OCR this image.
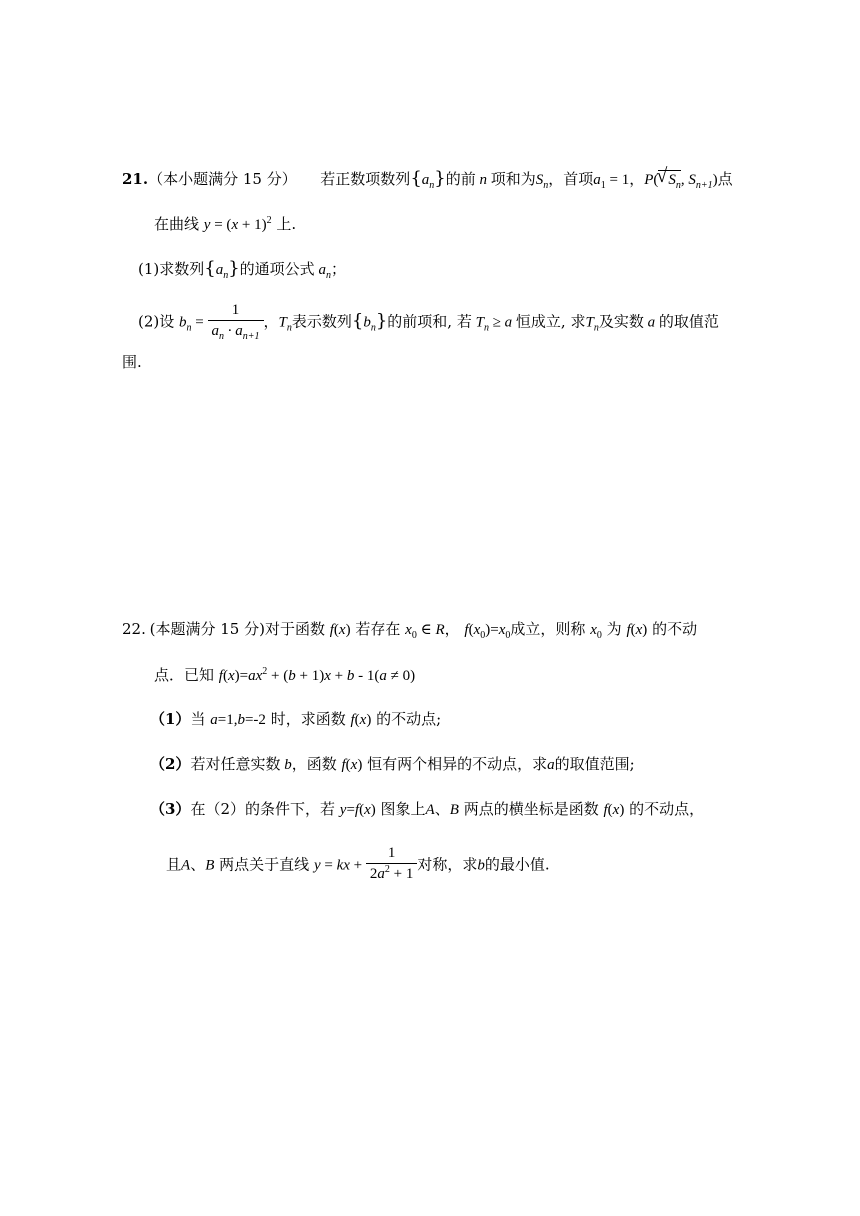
21.（本小题满分 15 分） 若正数项数列$\{a_n\}$的前 n 项和为$S_n$，首项$a_1 = 1$，P(√ $S_n$, $S_{n+1}$)点
在曲线 $y = (x + 1)^2$ 上.
(1)求数列$\{a_n\}$的通项公式 $a_n$；
(2)设 $b_n = \frac{1}{a_n \cdot a_{n+1}}$ ，$T_n$表示数列$\{b_n\}$的前项和, 若 $T_n \ge a$ 恒成立, 求$T_n$及实数 a 的取值范
围.
22. (本题满分 15 分)对于函数 f(x) 若存在 $x_0$ ∈ R， $f(x_0)=x_0$成立，则称 $x_0$ 为 f(x) 的不动
点．已知 $f(x)=ax^2 + (b + 1)x + b - 1(a \ne 0)$
（1）当 a=1,b=-2 时，求函数 f(x) 的不动点;
（2）若对任意实数 b，函数 f(x) 恒有两个相异的不动点，求a的取值范围;
（3）在（2）的条件下，若 y=f(x) 图象上A、B 两点的横坐标是函数 f(x) 的不动点，
且A、B 两点关于直线 y = kx + $\frac{1}{2a^2 + 1}$ 对称，求b的最小值.
